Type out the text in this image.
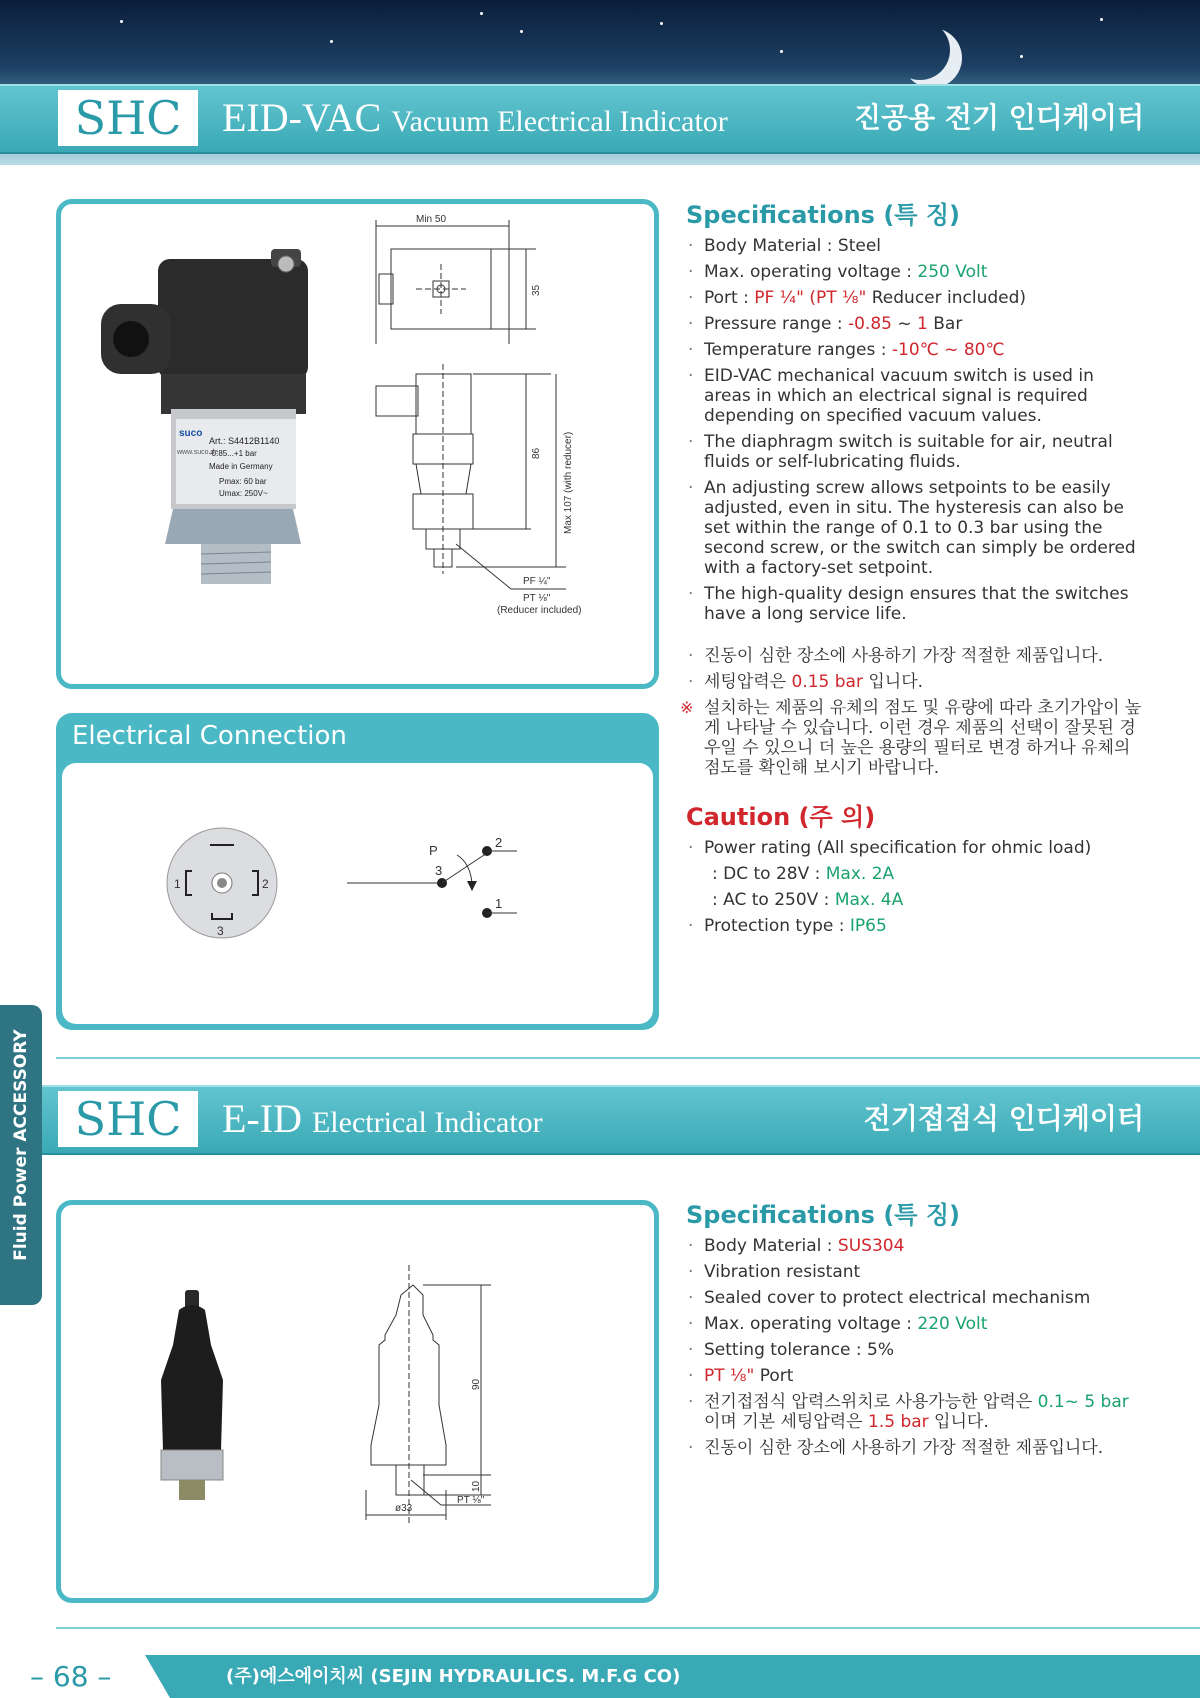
SHC	EID-VAC Vacuum Electrical Indicator	진공용 전기 인디케이터
Art.: S4412B1140
-0.85...+1 bar
Made in Germany
Pmax: 60 bar
Umax: 250V~
suco
www.suco.de
Min 50
35
86 Max 107 (with reducer)
PF ¼"
PT ⅛"
(Reducer included)
Electrical Connection
1	2
3
P
3
2
1
Specifications (특 징)
· Body Material : Steel
· Max. operating voltage : 250 Volt
· Port : PF ¼" (PT ⅛" Reducer included)
· Pressure range : -0.85 ~ 1 Bar
· Temperature ranges : -10℃ ~ 80℃
· EID-VAC mechanical vacuum switch is used in areas in which an electrical signal is required depending on specified vacuum values.
· The diaphragm switch is suitable for air, neutral fluids or self-lubricating fluids.
· An adjusting screw allows setpoints to be easily adjusted, even in situ. The hysteresis can also be set within the range of 0.1 to 0.3 bar using the second screw, or the switch can simply be ordered with a factory-set setpoint.
· The high-quality design ensures that the switches have a long service life.
· 진동이 심한 장소에 사용하기 가장 적절한 제품입니다.
· 세팅압력은 0.15 bar 입니다.
※ 설치하는 제품의 유체의 점도 및 유량에 따라 초기가압이 높게 나타날 수 있습니다. 이런 경우 제품의 선택이 잘못된 경우일 수 있으니 더 높은 용량의 필터로 변경 하거나 유체의 점도를 확인해 보시기 바랍니다.
Caution (주 의)
· Power rating (All specification for ohmic load)
: DC to 28V : Max. 2A
: AC to 250V : Max. 4A
· Protection type : IP65
SHC	E-ID Electrical Indicator	전기접점식 인디케이터
90
10
PT ⅛"
ø33
Specifications (특 징)
· Body Material : SUS304
· Vibration resistant
· Sealed cover to protect electrical mechanism
· Max. operating voltage : 220 Volt
· Setting tolerance : 5%
· PT ⅛" Port
· 전기접점식 압력스위치로 사용가능한 압력은 0.1~ 5 bar
이며 기본 세팅압력은 1.5 bar 입니다.
· 진동이 심한 장소에 사용하기 가장 적절한 제품입니다.
Fluid Power ACCESSORY
– 68 –	(주)에스에이치씨 (SEJIN HYDRAULICS. M.F.G CO)
